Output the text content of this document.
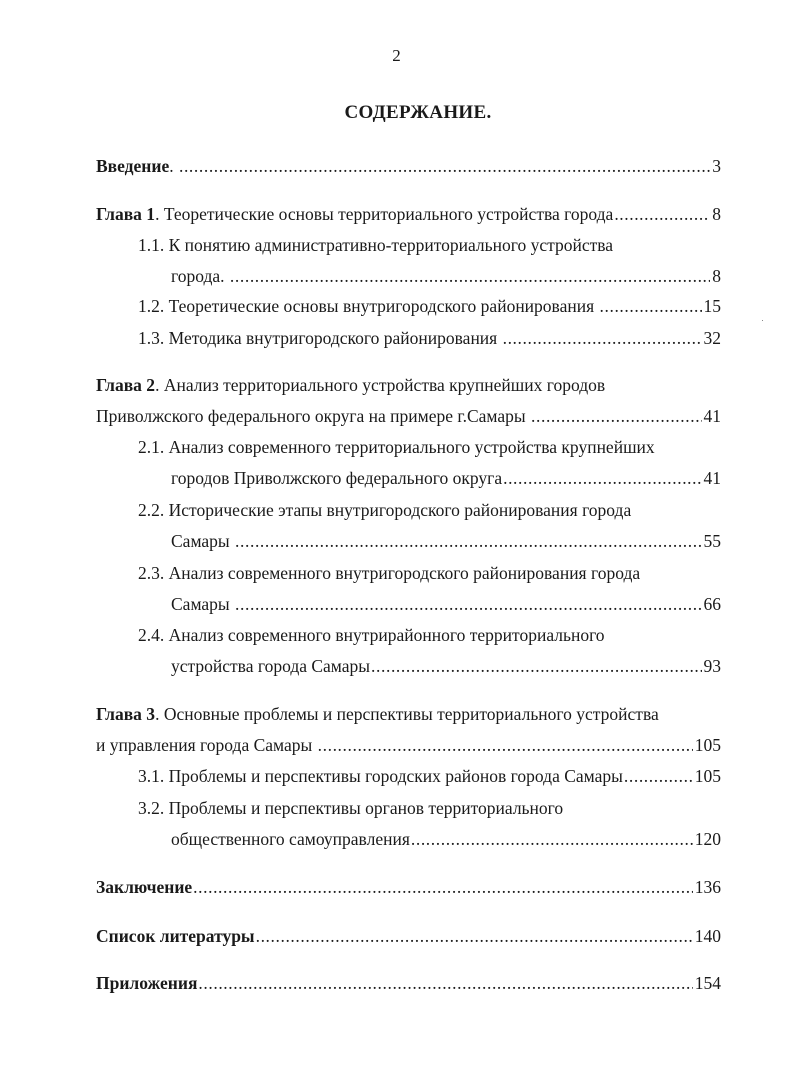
2
СОДЕРЖАНИЕ.
Введение. .....	3
Глава 1. Теоретические основы территориального устройства города .....	8
1.1. К понятию административно-территориального устройства
города. .....	8
1.2. Теоретические основы внутригородского районирования .....	15
1.3. Методика внутригородского районирования .....	32
Глава 2. Анализ территориального устройства крупнейших городов
Приволжского федерального округа на примере г.Самары .....	41
2.1. Анализ современного территориального устройства крупнейших
городов Приволжского федерального округа .....	41
2.2. Исторические этапы внутригородского районирования города
Самары .....	55
2.3. Анализ современного внутригородского районирования города
Самары .....	66
2.4. Анализ современного внутрирайонного территориального
устройства города Самары .....	93
Глава 3. Основные проблемы и перспективы территориального устройства
и управления города Самары .....	105
3.1. Проблемы и перспективы городских районов города Самары .....	105
3.2. Проблемы и перспективы органов территориального
общественного самоуправления .....	120
Заключение .....	136
Список литературы .....	140
Приложения .....	154
